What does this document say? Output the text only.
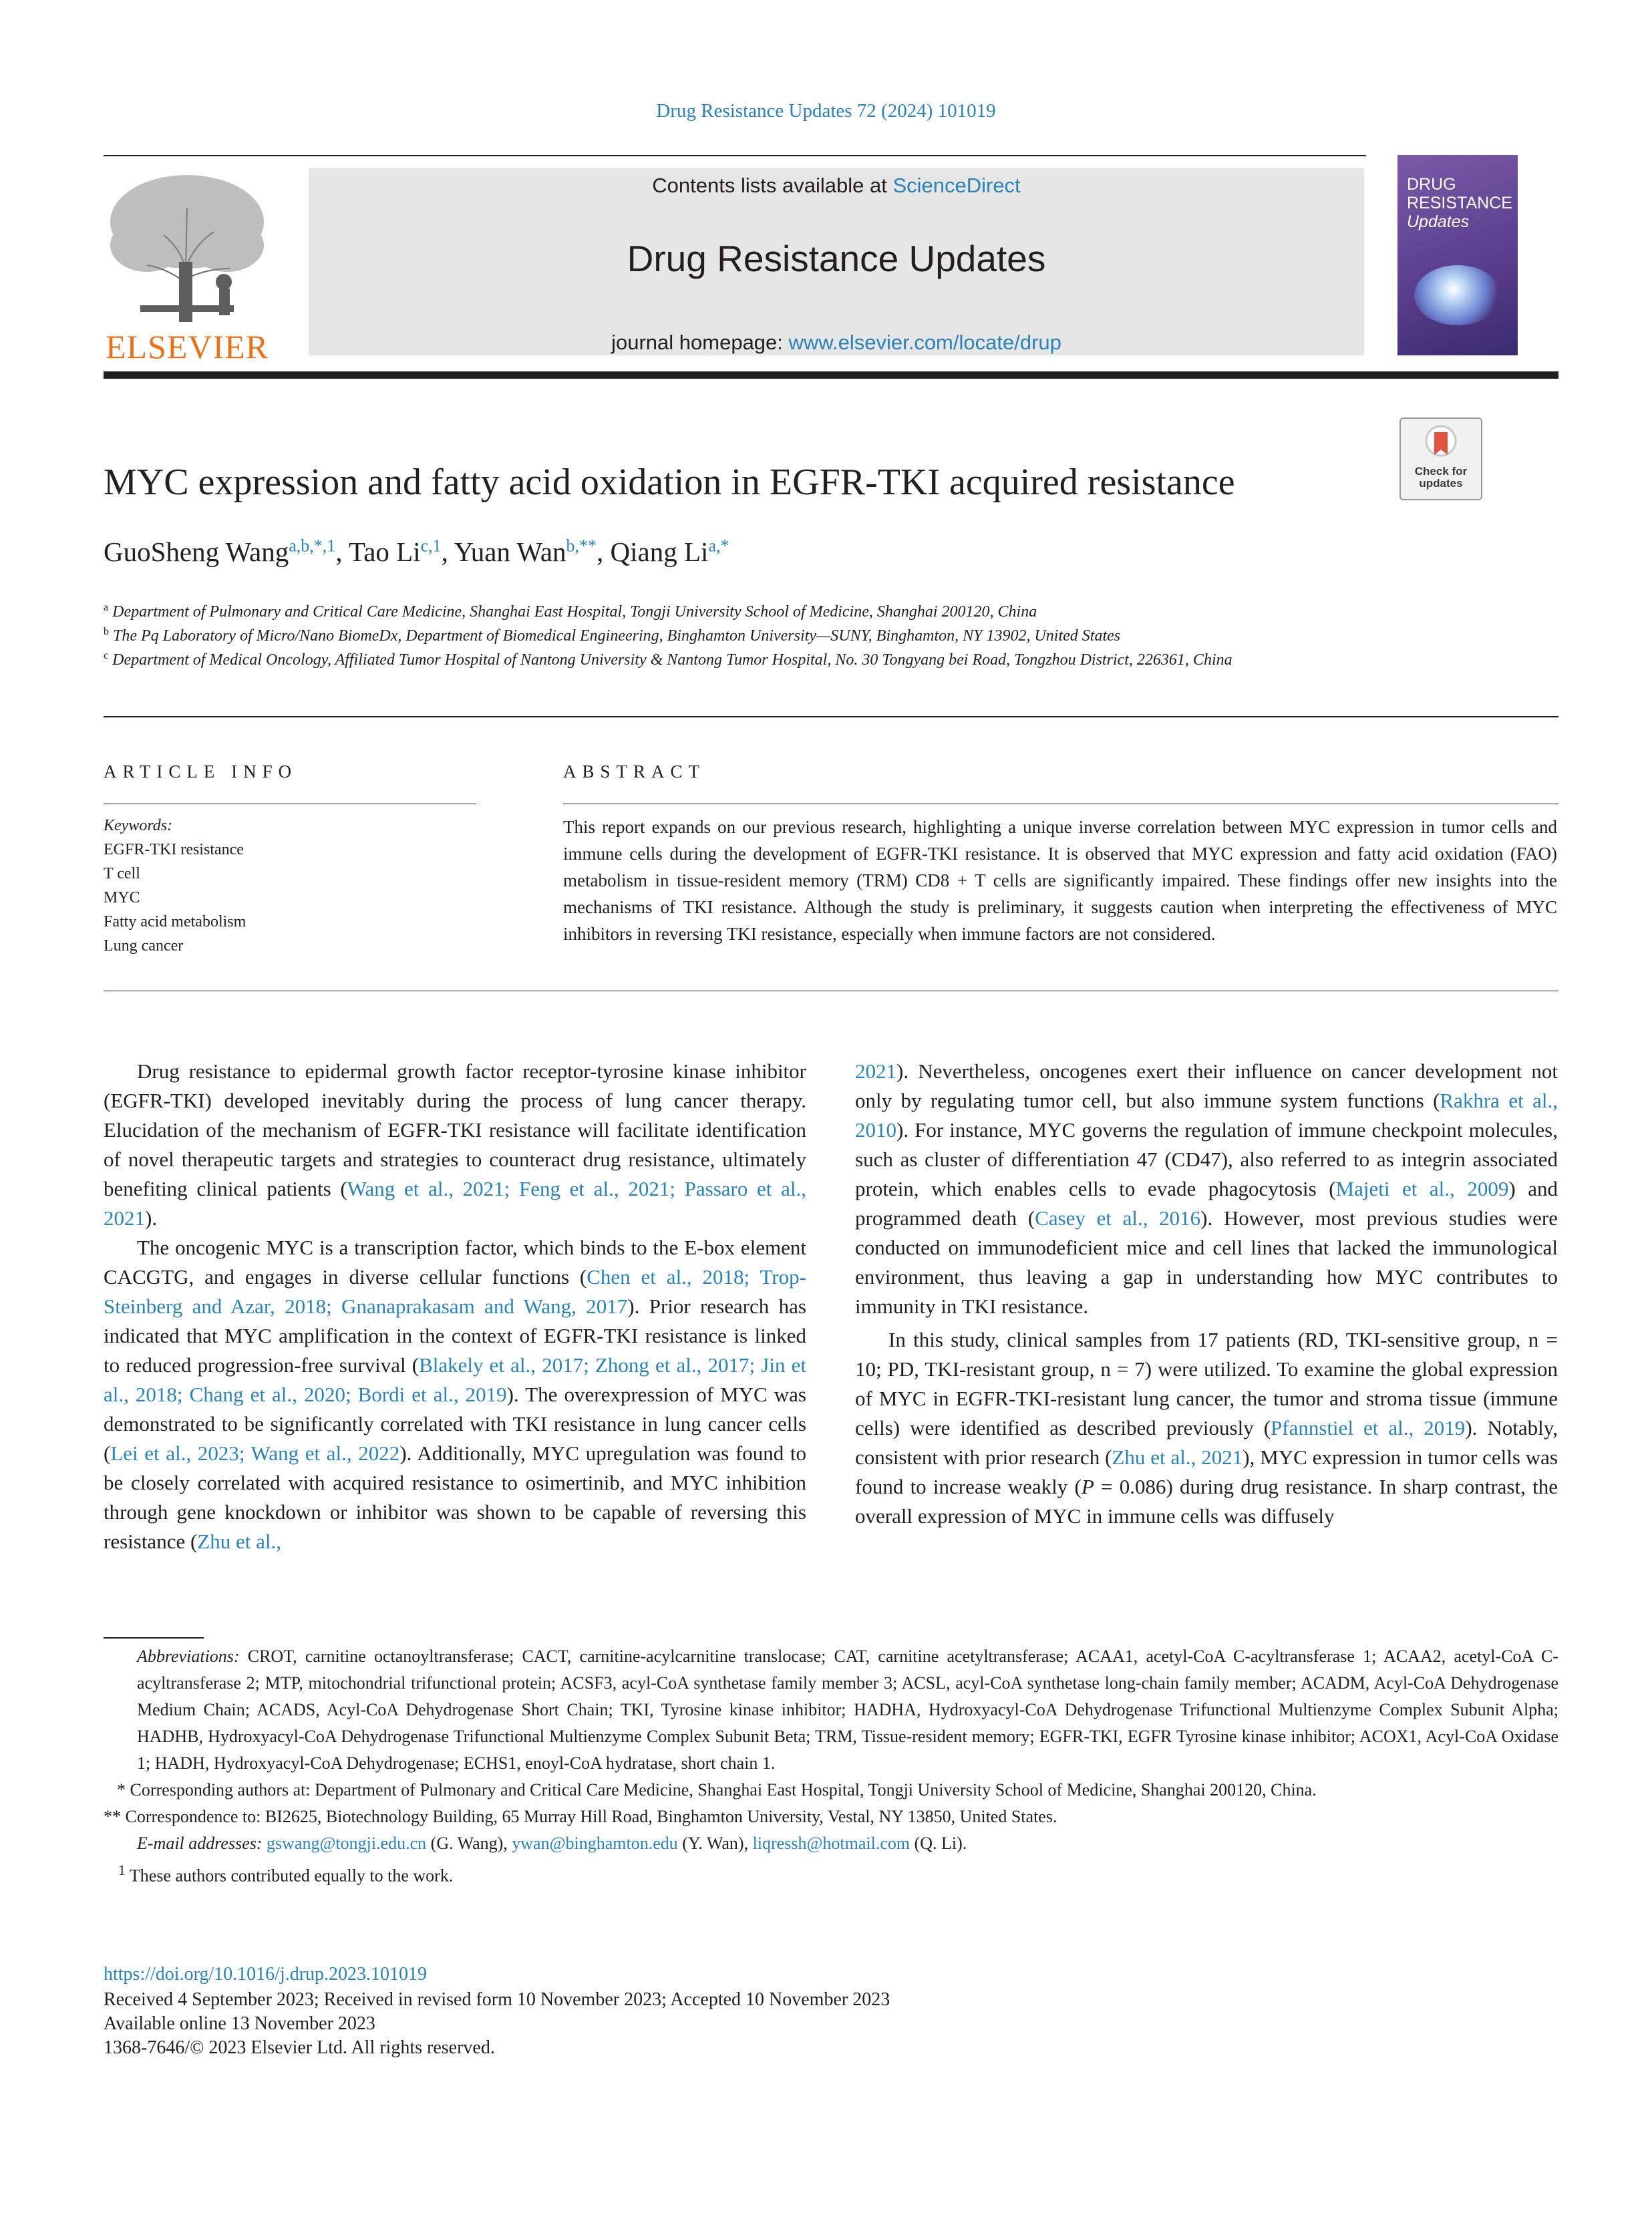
Drug Resistance Updates 72 (2024) 101019
ELSEVIER
Contents lists available at ScienceDirect
Drug Resistance Updates
journal homepage: www.elsevier.com/locate/drup
DRUG
RESISTANCE
Updates
MYC expression and fatty acid oxidation in EGFR-TKI acquired resistance	Check for updates
GuoSheng Wang$^{a,b,*,1}$, Tao Li$^{c,1}$, Yuan Wan$^{b,**}$, Qiang $Li^{a,*}$
$^a$ Department of Pulmonary and Critical Care Medicine, Shanghai East Hospital, Tongji University School of Medicine, Shanghai 200120, China
$^b$ The Pq Laboratory of Micro/Nano BiomeDx, Department of Biomedical Engineering, Binghamton University—SUNY, Binghamton, NY 13902, United States
$^c$ Department of Medical Oncology, Affiliated Tumor Hospital of Nantong University & Nantong Tumor Hospital, No. 30 Tongyang bei Road, Tongzhou District, 226361, China
ARTICLE INFO	ABSTRACT
Keywords:
EGFR-TKI resistance
T cell
MYC
Fatty acid metabolism
Lung cancer
This report expands on our previous research, highlighting a unique inverse correlation between MYC expression in tumor cells and immune cells during the development of EGFR-TKI resistance. It is observed that MYC expression and fatty acid oxidation (FAO) metabolism in tissue-resident memory (TRM) CD8 + T cells are significantly impaired. These findings offer new insights into the mechanisms of TKI resistance. Although the study is preliminary, it suggests caution when interpreting the effectiveness of MYC inhibitors in reversing TKI resistance, especially when immune factors are not considered.

Drug resistance to epidermal growth factor receptor-tyrosine kinase inhibitor (EGFR-TKI) developed inevitably during the process of lung cancer therapy. Elucidation of the mechanism of EGFR-TKI resistance will facilitate identification of novel therapeutic targets and strategies to counteract drug resistance, ultimately benefiting clinical patients (Wang et al., 2021; Feng et al., 2021; Passaro et al., 2021).

The oncogenic MYC is a transcription factor, which binds to the E-box element CACGTG, and engages in diverse cellular functions (Chen et al., 2018; Trop-Steinberg and Azar, 2018; Gnanaprakasam and Wang, 2017). Prior research has indicated that MYC amplification in the context of EGFR-TKI resistance is linked to reduced progression-free survival (Blakely et al., 2017; Zhong et al., 2017; Jin et al., 2018; Chang et al., 2020; Bordi et al., 2019). The overexpression of MYC was demonstrated to be significantly correlated with TKI resistance in lung cancer cells (Lei et al., 2023; Wang et al., 2022). Additionally, MYC upregulation was found to be closely correlated with acquired resistance to osimertinib, and MYC inhibition through gene knockdown or inhibitor was shown to be capable of reversing this resistance (Zhu et al.,

2021). Nevertheless, oncogenes exert their influence on cancer development not only by regulating tumor cell, but also immune system functions (Rakhra et al., 2010). For instance, MYC governs the regulation of immune checkpoint molecules, such as cluster of differentiation 47 (CD47), also referred to as integrin associated protein, which enables cells to evade phagocytosis (Majeti et al., 2009) and programmed death (Casey et al., 2016). However, most previous studies were conducted on immunodeficient mice and cell lines that lacked the immunological environment, thus leaving a gap in understanding how MYC contributes to immunity in TKI resistance.

In this study, clinical samples from 17 patients (RD, TKI-sensitive group, n = 10; PD, TKI-resistant group, n = 7) were utilized. To examine the global expression of MYC in EGFR-TKI-resistant lung cancer, the tumor and stroma tissue (immune cells) were identified as described previously (Pfannstiel et al., 2019). Notably, consistent with prior research (Zhu et al., 2021), MYC expression in tumor cells was found to increase weakly (P = 0.086) during drug resistance. In sharp contrast, the overall expression of MYC in immune cells was diffusely

Abbreviations: CROT, carnitine octanoyltransferase; CACT, carnitine-acylcarnitine translocase; CAT, carnitine acetyltransferase; ACAA1, acetyl-CoA C-acyltransferase 1; ACAA2, acetyl-CoA C-acyltransferase 2; MTP, mitochondrial trifunctional protein; ACSF3, acyl-CoA synthetase family member 3; ACSL, acyl-CoA synthetase long-chain family member; ACADM, Acyl-CoA Dehydrogenase Medium Chain; ACADS, Acyl-CoA Dehydrogenase Short Chain; TKI, Tyrosine kinase inhibitor; HADHA, Hydroxyacyl-CoA Dehydrogenase Trifunctional Multienzyme Complex Subunit Alpha; HADHB, Hydroxyacyl-CoA Dehydrogenase Trifunctional Multienzyme Complex Subunit Beta; TRM, Tissue-resident memory; EGFR-TKI, EGFR Tyrosine kinase inhibitor; ACOX1, Acyl-CoA Oxidase 1; HADH, Hydroxyacyl-CoA Dehydrogenase; ECHS1, enoyl-CoA hydratase, short chain 1.

* Corresponding authors at: Department of Pulmonary and Critical Care Medicine, Shanghai East Hospital, Tongji University School of Medicine, Shanghai 200120, China.

** Correspondence to: BI2625, Biotechnology Building, 65 Murray Hill Road, Binghamton University, Vestal, NY 13850, United States.

E-mail addresses: gswang@tongji.edu.cn (G. Wang), ywan@binghamton.edu (Y. Wan), liqressh@hotmail.com (Q. Li).

$^1$ These authors contributed equally to the work.

https://doi.org/10.1016/j.drup.2023.101019
Received 4 September 2023; Received in revised form 10 November 2023; Accepted 10 November 2023
Available online 13 November 2023
1368-7646/© 2023 Elsevier Ltd. All rights reserved.
